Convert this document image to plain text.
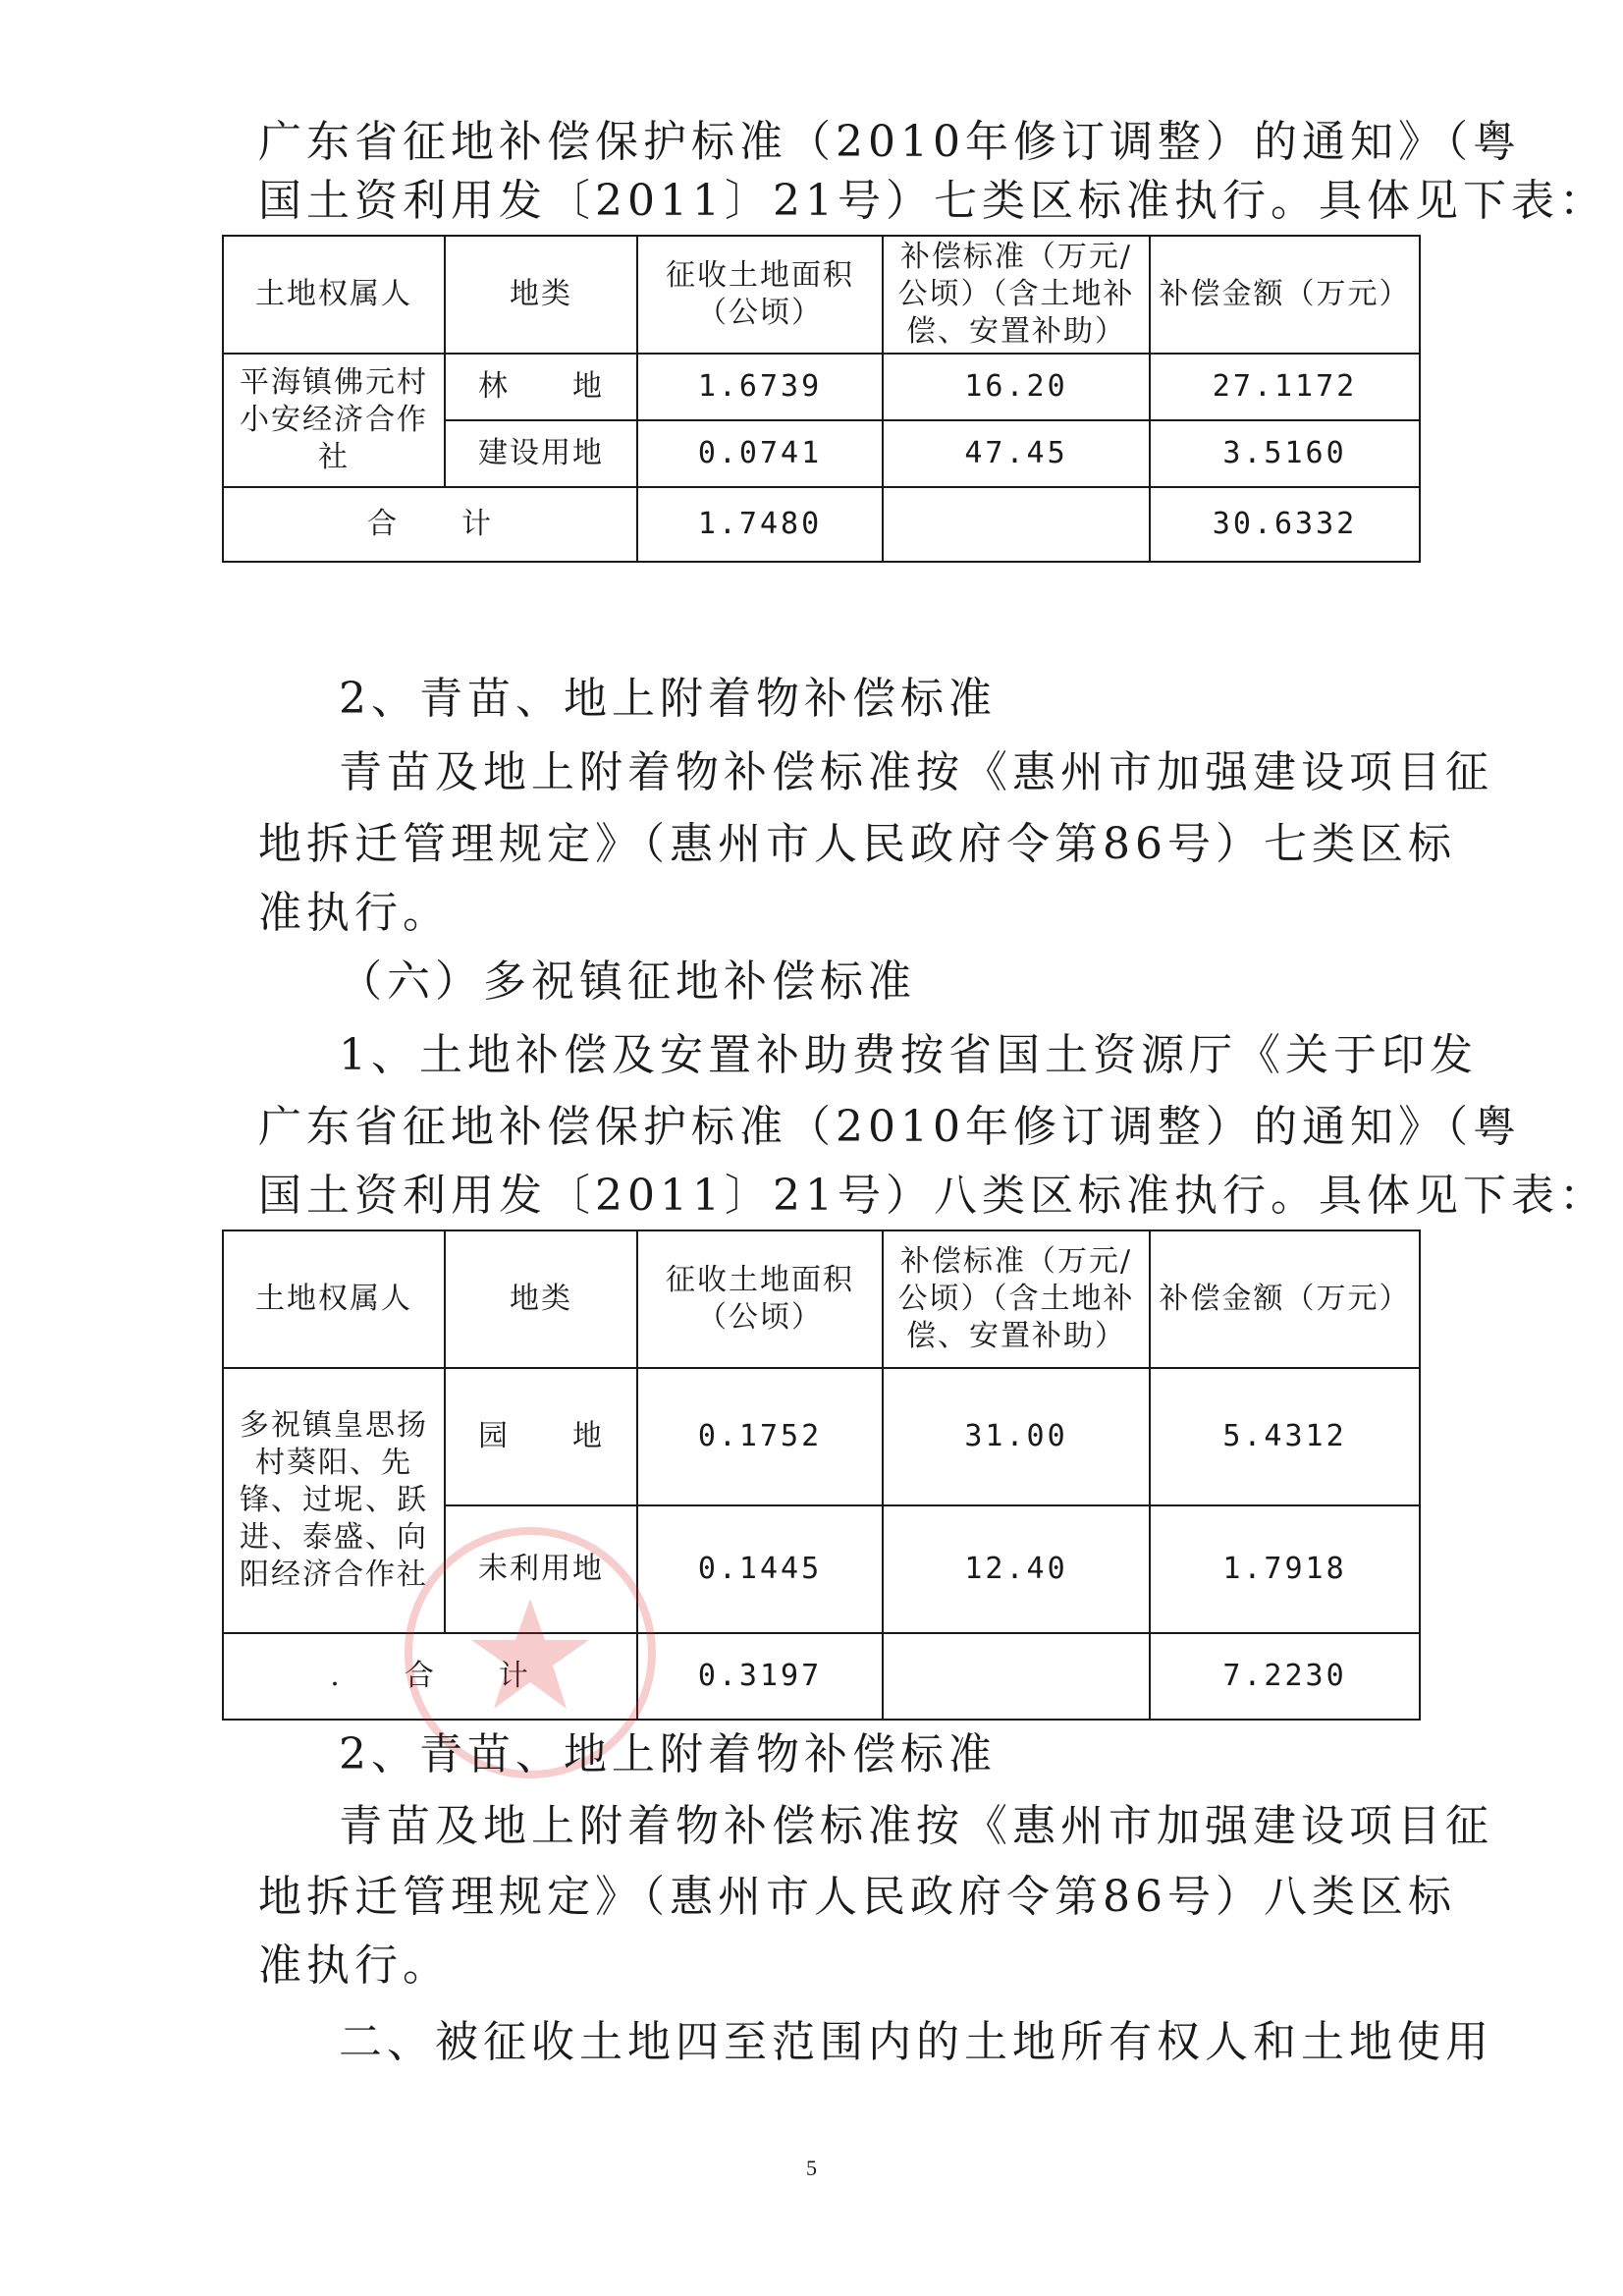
广东省征地补偿保护标准（2010年修订调整）的通知》（粤
国土资利用发〔2011〕21号）七类区标准执行。具体见下表：
土地权属人	地类	征收土地面积（公顷）	补偿标准（万元/公顷）（含土地补偿、安置补助）	补偿金额（万元）
平海镇佛元村小安经济合作社	林　　地	1.6739	16.20	27.1172
	建设用地	0.0741	47.45	3.5160
合　　计		1.7480		30.6332
2、青苗、地上附着物补偿标准
青苗及地上附着物补偿标准按《惠州市加强建设项目征
地拆迁管理规定》（惠州市人民政府令第86号）七类区标
准执行。
（六）多祝镇征地补偿标准
1、土地补偿及安置补助费按省国土资源厅《关于印发
广东省征地补偿保护标准（2010年修订调整）的通知》（粤
国土资利用发〔2011〕21号）八类区标准执行。具体见下表：
土地权属人	地类	征收土地面积（公顷）	补偿标准（万元/公顷）（含土地补偿、安置补助）	补偿金额（万元）
多祝镇皇思扬村葵阳、先锋、过坭、跃进、泰盛、向阳经济合作社	园　　地	0.1752	31.00	5.4312
	未利用地	0.1445	12.40	1.7918
.　　合　　计		0.3197		7.2230
2、青苗、地上附着物补偿标准
青苗及地上附着物补偿标准按《惠州市加强建设项目征
地拆迁管理规定》（惠州市人民政府令第86号）八类区标
准执行。
二、被征收土地四至范围内的土地所有权人和土地使用
5
